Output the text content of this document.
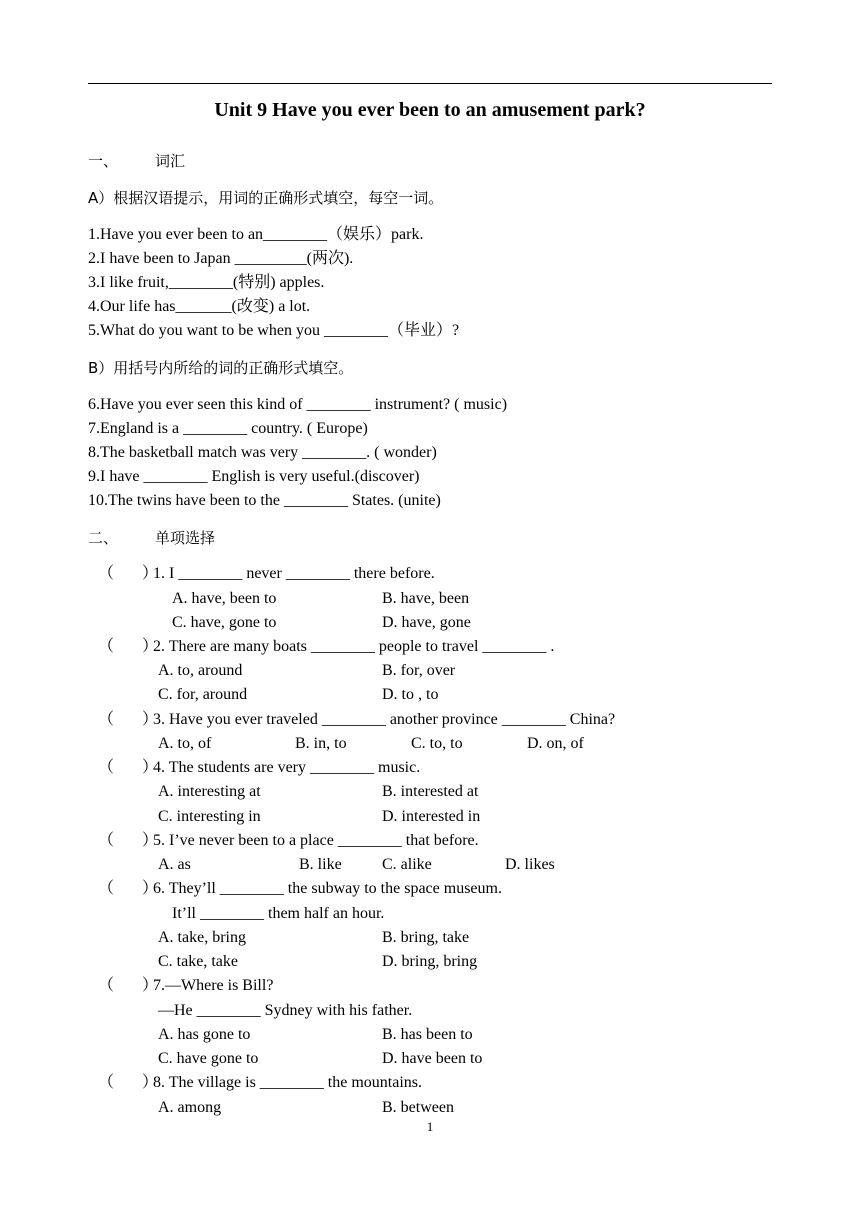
Unit 9 Have you ever been to an amusement park?
一、 词汇
A）根据汉语提示，用词的正确形式填空，每空一词。
1.Have you ever been to an________（娱乐）park.
2.I have been to Japan _________(两次).
3.I like fruit,________(特别) apples.
4.Our life has_______(改变) a lot.
5.What do you want to be when you ________（毕业）?
B）用括号内所给的词的正确形式填空。
6.Have you ever seen this kind of ________ instrument? ( music)
7.England is a ________ country. ( Europe)
8.The basketball match was very ________. ( wonder)
9.I have ________ English is very useful.(discover)
10.The twins have been to the ________ States. (unite)
二、 单项选择
（       ）
1. I ________ never ________ there before.
A. have, been to	B. have, been
C. have, gone to	D. have, gone
（       ）
2. There are many boats ________ people to travel ________ .
A. to, around	B. for, over
C. for, around	D. to , to
（       ）
3. Have you ever traveled ________ another province ________ China?
A. to, of	B. in, to	C. to, to	D. on, of
（       ）
4. The students are very ________ music.
A. interesting at	B. interested at
C. interesting in	D. interested in
（       ）
5. I’ve never been to a place ________ that before.
A. as	B. like	C. alike	D. likes
（       ）
6. They’ll ________ the subway to the space museum.
It’ll ________ them half an hour.
A. take, bring	B. bring, take
C. take, take	D. bring, bring
（       ）
7.—Where is Bill?
—He ________ Sydney with his father.
A. has gone to	B. has been to
C. have gone to	D. have been to
（       ）
8. The village is ________ the mountains.
A. among	B. between
1
